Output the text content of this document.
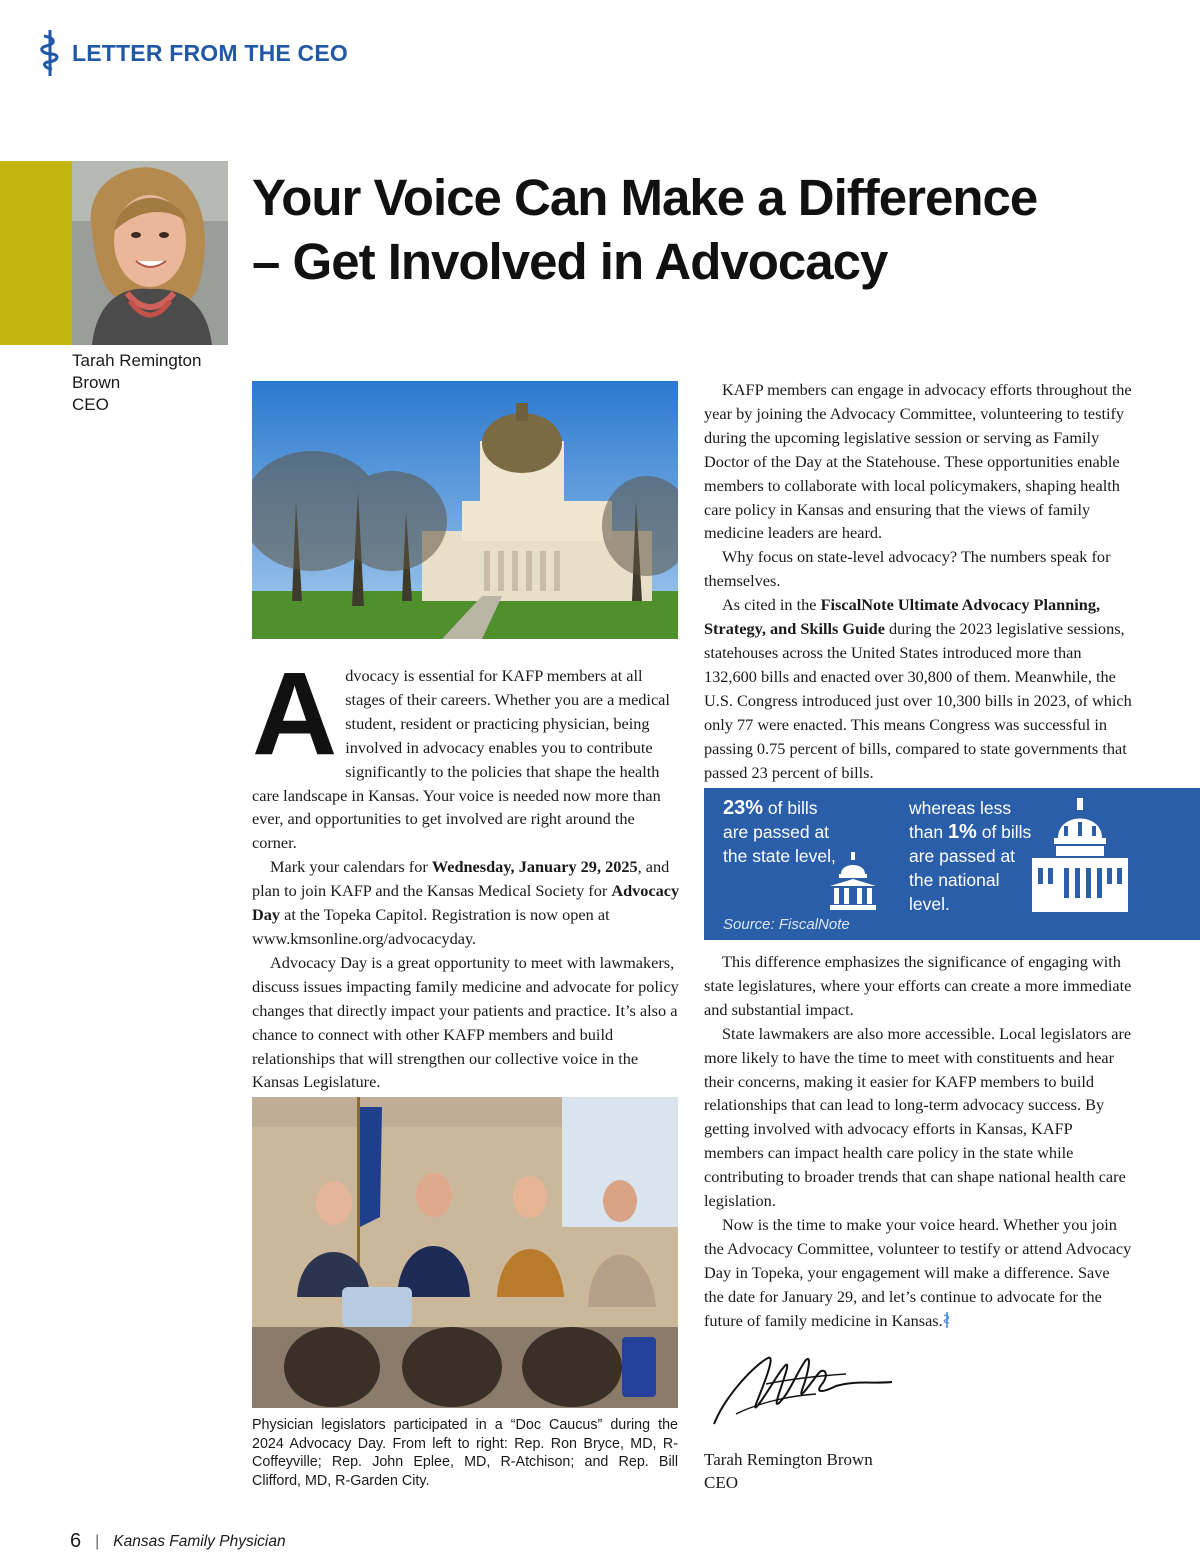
LETTER FROM THE CEO
Tarah Remington
Brown
CEO
Your Voice Can Make a Difference
– Get Involved in Advocacy

Advocacy is essential for KAFP members at all stages of their careers. Whether you are a medical student, resident or practicing physician, being involved in advocacy enables you to contribute significantly to the policies that shape the health care landscape in Kansas. Your voice is needed now more than ever, and opportunities to get involved are right around the corner.

Mark your calendars for Wednesday, January 29, 2025, and plan to join KAFP and the Kansas Medical Society for Advocacy Day at the Topeka Capitol. Registration is now open at www.kmsonline.org/advocacyday.

Advocacy Day is a great opportunity to meet with lawmakers, discuss issues impacting family medicine and advocate for policy changes that directly impact your patients and practice. It’s also a chance to connect with other KAFP members and build relationships that will strengthen our collective voice in the Kansas Legislature.

Physician legislators participated in a “Doc Caucus” during the 2024 Advocacy Day. From left to right: Rep. Ron Bryce, MD, R-Coffeyville; Rep. John Eplee, MD, R-Atchison; and Rep. Bill Clifford, MD, R-Garden City.

KAFP members can engage in advocacy efforts throughout the year by joining the Advocacy Committee, volunteering to testify during the upcoming legislative session or serving as Family Doctor of the Day at the Statehouse. These opportunities enable members to collaborate with local policymakers, shaping health care policy in Kansas and ensuring that the views of family medicine leaders are heard.

Why focus on state-level advocacy? The numbers speak for themselves.

As cited in the FiscalNote Ultimate Advocacy Planning, Strategy, and Skills Guide during the 2023 legislative sessions, statehouses across the United States introduced more than 132,600 bills and enacted over 30,800 of them. Meanwhile, the U.S. Congress introduced just over 10,300 bills in 2023, of which only 77 were enacted. This means Congress was successful in passing 0.75 percent of bills, compared to state governments that passed 23 percent of bills.

23% of bills are passed at the state level,
whereas less than 1% of bills are passed at the national level.
Source: FiscalNote

This difference emphasizes the significance of engaging with state legislatures, where your efforts can create a more immediate and substantial impact.

State lawmakers are also more accessible. Local legislators are more likely to have the time to meet with constituents and hear their concerns, making it easier for KAFP members to build relationships that can lead to long-term advocacy success. By getting involved with advocacy efforts in Kansas, KAFP members can impact health care policy in the state while contributing to broader trends that can shape national health care legislation.

Now is the time to make your voice heard. Whether you join the Advocacy Committee, volunteer to testify or attend Advocacy Day in Topeka, your engagement will make a difference. Save the date for January 29, and let’s continue to advocate for the future of family medicine in Kansas.

Tarah Remington Brown
CEO
6 | Kansas Family Physician
